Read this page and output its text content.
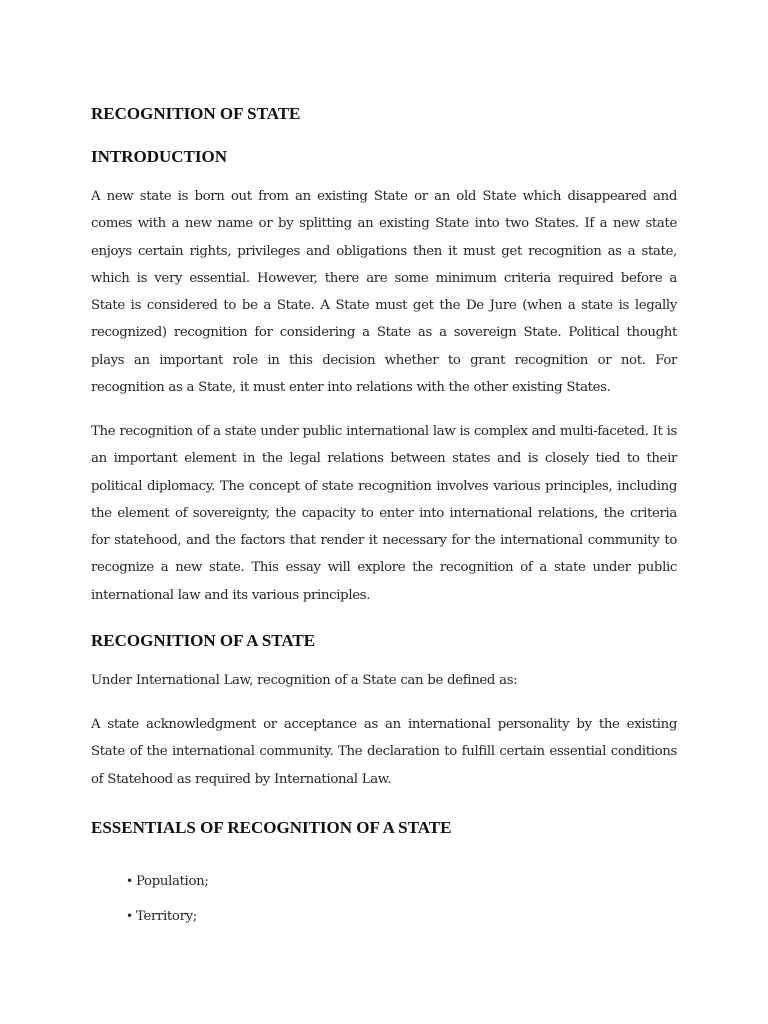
RECOGNITION OF STATE
INTRODUCTION

A new state is born out from an existing State or an old State which disappeared and comes with a new name or by splitting an existing State into two States. If a new state enjoys certain rights, privileges and obligations then it must get recognition as a state, which is very essential. However, there are some minimum criteria required before a State is considered to be a State. A State must get the De Jure (when a state is legally recognized) recognition for considering a State as a sovereign State. Political thought plays an important role in this decision whether to grant recognition or not. For recognition as a State, it must enter into relations with the other existing States.

The recognition of a state under public international law is complex and multi-faceted. It is an important element in the legal relations between states and is closely tied to their political diplomacy. The concept of state recognition involves various principles, including the element of sovereignty, the capacity to enter into international relations, the criteria for statehood, and the factors that render it necessary for the international community to recognize a new state. This essay will explore the recognition of a state under public international law and its various principles.

RECOGNITION OF A STATE

Under International Law, recognition of a State can be defined as:

A state acknowledgment or acceptance as an international personality by the existing State of the international community. The declaration to fulfill certain essential conditions of Statehood as required by International Law.

ESSENTIALS OF RECOGNITION OF A STATE
• Population;
• Territory;
